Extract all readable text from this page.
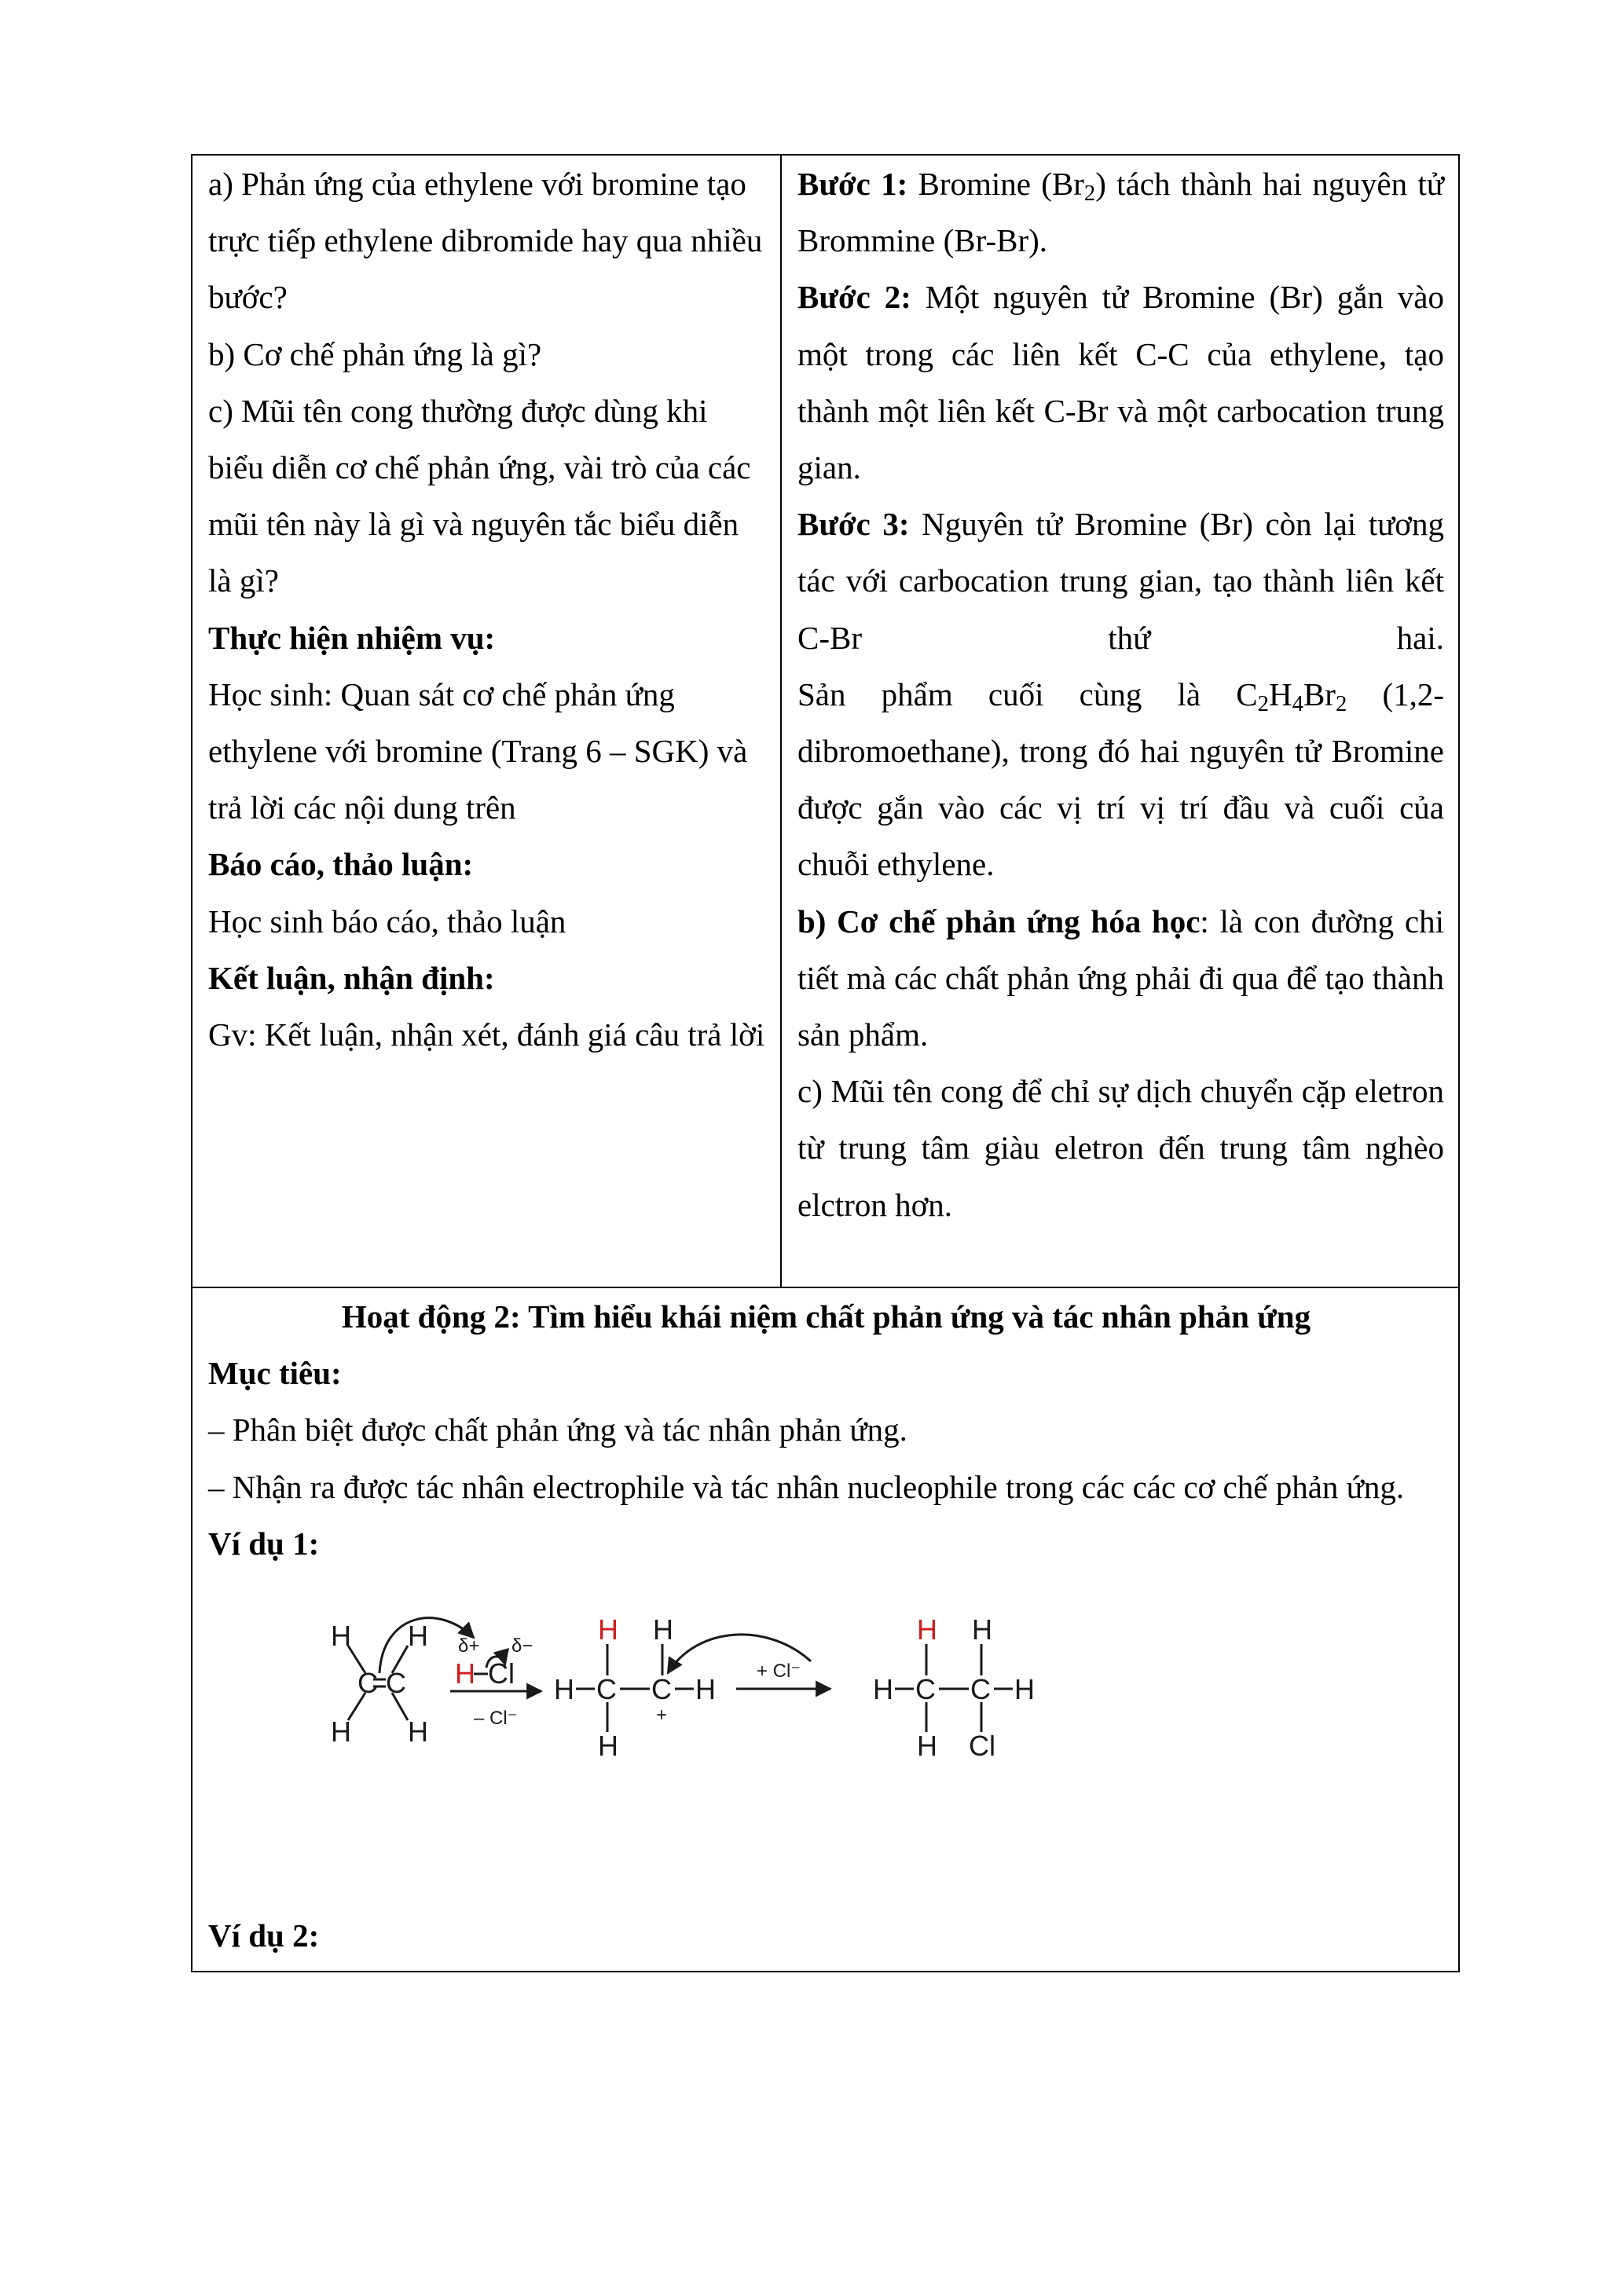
a) Phản ứng của ethylene với bromine tạo trực tiếp ethylene dibromide hay qua nhiều bước?

b) Cơ chế phản ứng là gì?

c) Mũi tên cong thường được dùng khi biểu diễn cơ chế phản ứng, vài trò của các mũi tên này là gì và nguyên tắc biểu diễn là gì?

Thực hiện nhiệm vụ:

Học sinh: Quan sát cơ chế phản ứng ethylene với bromine (Trang 6 – SGK) và trả lời các nội dung trên

Báo cáo, thảo luận:

Học sinh báo cáo, thảo luận

Kết luận, nhận định:

Gv: Kết luận, nhận xét, đánh giá câu trả lời

Bước 1: Bromine $(Br_2)$ tách thành hai nguyên tử Brommine (Br-Br).

Bước 2: Một nguyên tử Bromine (Br) gắn vào một trong các liên kết C-C của ethylene, tạo thành một liên kết C-Br và một carbocation trung gian.

Bước 3: Nguyên tử Bromine (Br) còn lại tương tác với carbocation trung gian, tạo thành liên kết C-Br thứ hai.

Sản phẩm cuối cùng là $C_2H_4Br_2$ (1,2-dibromoethane), trong đó hai nguyên tử Bromine được gắn vào các vị trí vị trí đầu và cuối của chuỗi ethylene.

b) Cơ chế phản ứng hóa học: là con đường chi tiết mà các chất phản ứng phải đi qua để tạo thành sản phẩm.

c) Mũi tên cong để chỉ sự dịch chuyển cặp eletron từ trung tâm giàu eletron đến trung tâm nghèo elctron hơn.

Hoạt động 2: Tìm hiểu khái niệm chất phản ứng và tác nhân phản ứng

Mục tiêu:

– Phân biệt được chất phản ứng và tác nhân phản ứng.

– Nhận ra được tác nhân electrophile và tác nhân nucleophile trong các các cơ chế phản ứng.

Ví dụ 1:

H
H
H
H
C C
δ+ δ−
H Cl
– Cl⁻
H H
H C C H
H
+
+ Cl⁻
H H
H C C H
H Cl
Ví dụ 2:
